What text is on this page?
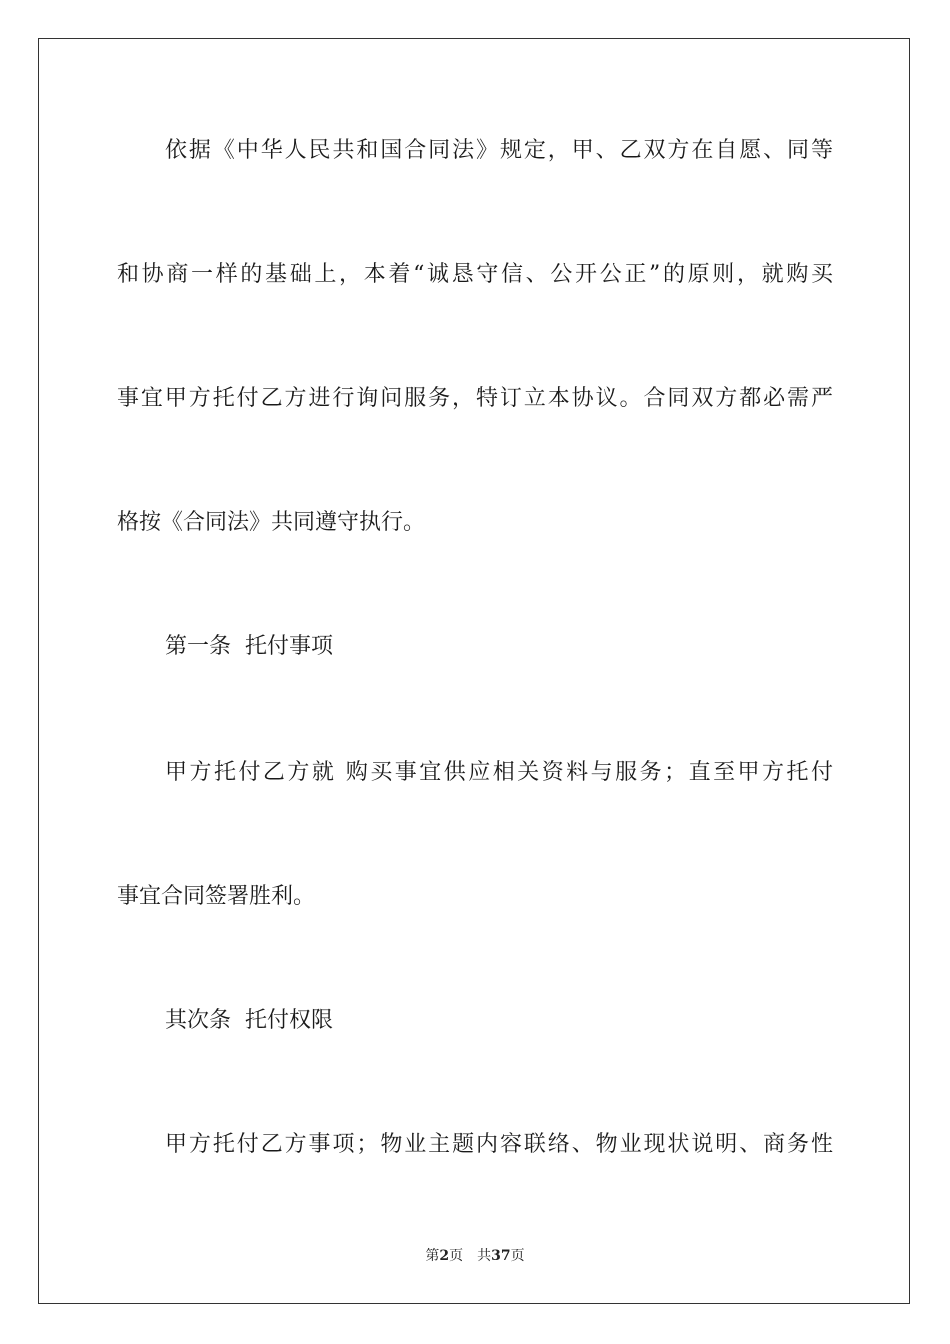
依据《中华人民共和国合同法》规定，甲、乙双方在自愿、同等
和协商一样的基础上，本着“诚恳守信、公开公正”的原则，就购买
事宜甲方托付乙方进行询问服务，特订立本协议。合同双方都必需严
格按《合同法》共同遵守执行。
第一条  托付事项
甲方托付乙方就 购买事宜供应相关资料与服务；直至甲方托付
事宜合同签署胜利。
其次条  托付权限
甲方托付乙方事项；物业主题内容联络、物业现状说明、商务性
第2页 共37页
